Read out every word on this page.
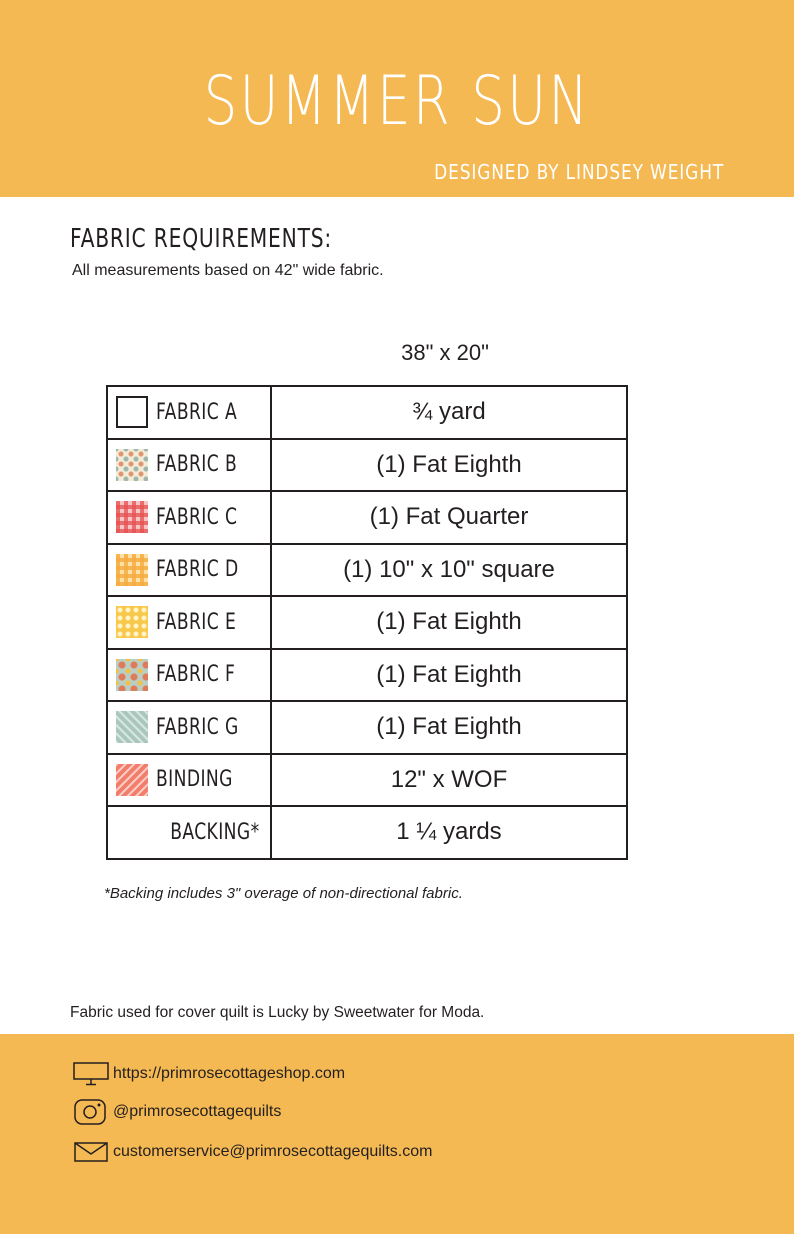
SUMMER SUN
DESIGNED BY LINDSEY WEIGHT
FABRIC REQUIREMENTS:
All measurements based on 42" wide fabric.
38" x 20"
FABRIC A	¾ yard

FABRIC B	(1) Fat Eighth

FABRIC C	(1) Fat Quarter

FABRIC D	(1) 10" x 10" square

FABRIC E	(1) Fat Eighth

FABRIC F	(1) Fat Eighth

FABRIC G	(1) Fat Eighth

BINDING	12" x WOF

BACKING*	1 ¼ yards
*Backing includes 3" overage of non-directional fabric.
Fabric used for cover quilt is Lucky by Sweetwater for Moda.
https://primrosecottageshop.com
@primrosecottagequilts
customerservice@primrosecottagequilts.com
